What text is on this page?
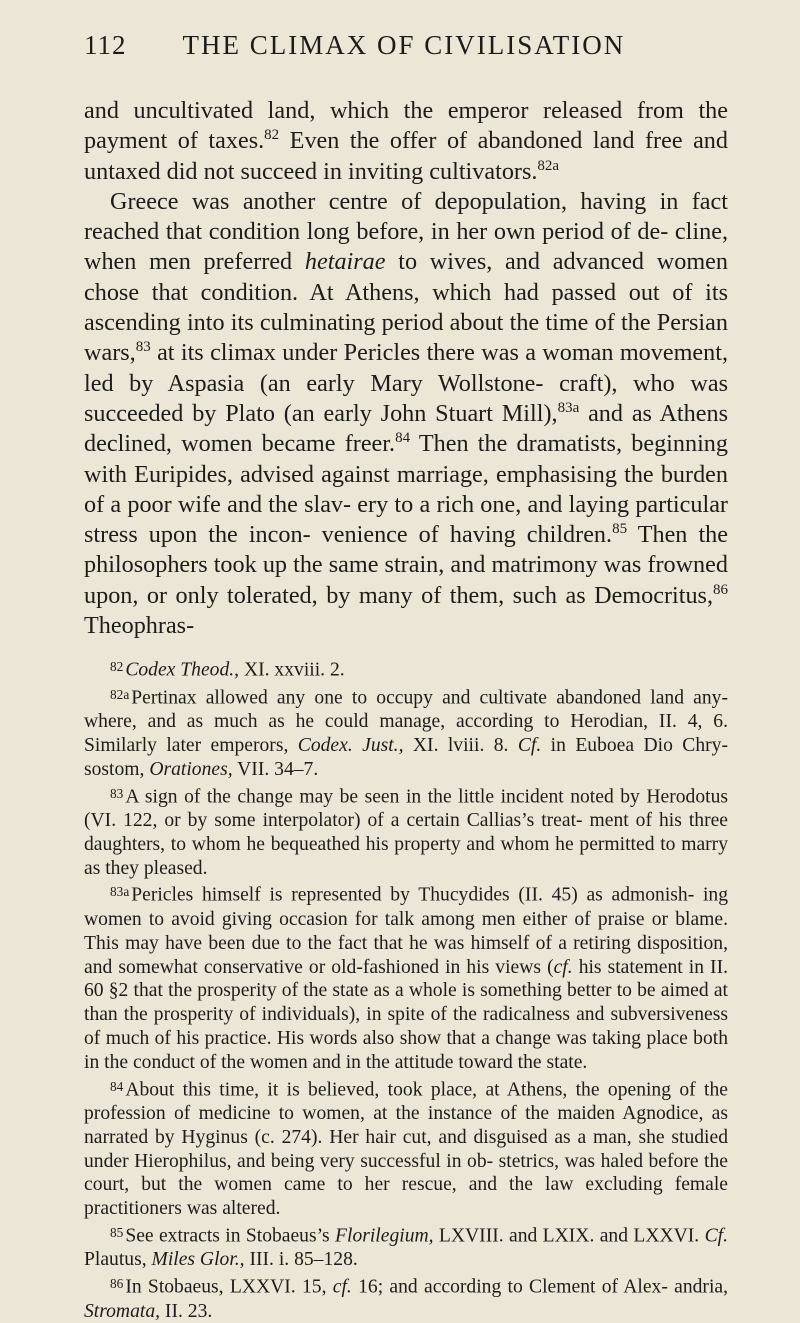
112 THE CLIMAX OF CIVILISATION

and uncultivated land, which the emperor released from the payment of taxes.$^{82}$ Even the offer of abandoned land free and untaxed did not succeed in inviting cultivators.$^{82a}$

Greece was another centre of depopulation, having in fact reached that condition long before, in her own period of de- cline, when men preferred hetairae to wives, and advanced women chose that condition. At Athens, which had passed out of its ascending into its culminating period about the time of the Persian wars,$^{83}$ at its climax under Pericles there was a woman movement, led by Aspasia (an early Mary Wollstone- craft), who was succeeded by Plato (an early John Stuart Mill),$^{83a}$ and as Athens declined, women became freer.$^{84}$ Then the dramatists, beginning with Euripides, advised against marriage, emphasising the burden of a poor wife and the slav- ery to a rich one, and laying particular stress upon the incon- venience of having children.$^{85}$ Then the philosophers took up the same strain, and matrimony was frowned upon, or only tolerated, by many of them, such as Democritus,$^{86}$ Theophras-

$^{82}$ Codex Theod., XI. xxviii. 2.

$^{82a}$ Pertinax allowed any one to occupy and cultivate abandoned land any- where, and as much as he could manage, according to Herodian, II. 4, 6. Similarly later emperors, Codex. Just., XI. lviii. 8. Cf. in Euboea Dio Chry- sostom, Orationes, VII. 34–7.

$^{83}$ A sign of the change may be seen in the little incident noted by Herodotus (VI. 122, or by some interpolator) of a certain Callias’s treat- ment of his three daughters, to whom he bequeathed his property and whom he permitted to marry as they pleased.

$^{83a}$ Pericles himself is represented by Thucydides (II. 45) as admonish- ing women to avoid giving occasion for talk among men either of praise or blame. This may have been due to the fact that he was himself of a retiring disposition, and somewhat conservative or old-fashioned in his views (cf. his statement in II. 60 §2 that the prosperity of the state as a whole is something better to be aimed at than the prosperity of individuals), in spite of the radicalness and subversiveness of much of his practice. His words also show that a change was taking place both in the conduct of the women and in the attitude toward the state.

$^{84}$ About this time, it is believed, took place, at Athens, the opening of the profession of medicine to women, at the instance of the maiden Agnodice, as narrated by Hyginus (c. 274). Her hair cut, and disguised as a man, she studied under Hierophilus, and being very successful in ob- stetrics, was haled before the court, but the women came to her rescue, and the law excluding female practitioners was altered.

$^{85}$ See extracts in Stobaeus’s Florilegium, LXVIII. and LXIX. and LXXVI. Cf. Plautus, Miles Glor., III. i. 85–128.

$^{86}$ In Stobaeus, LXXVI. 15, cf. 16; and according to Clement of Alex- andria, Stromata, II. 23.
